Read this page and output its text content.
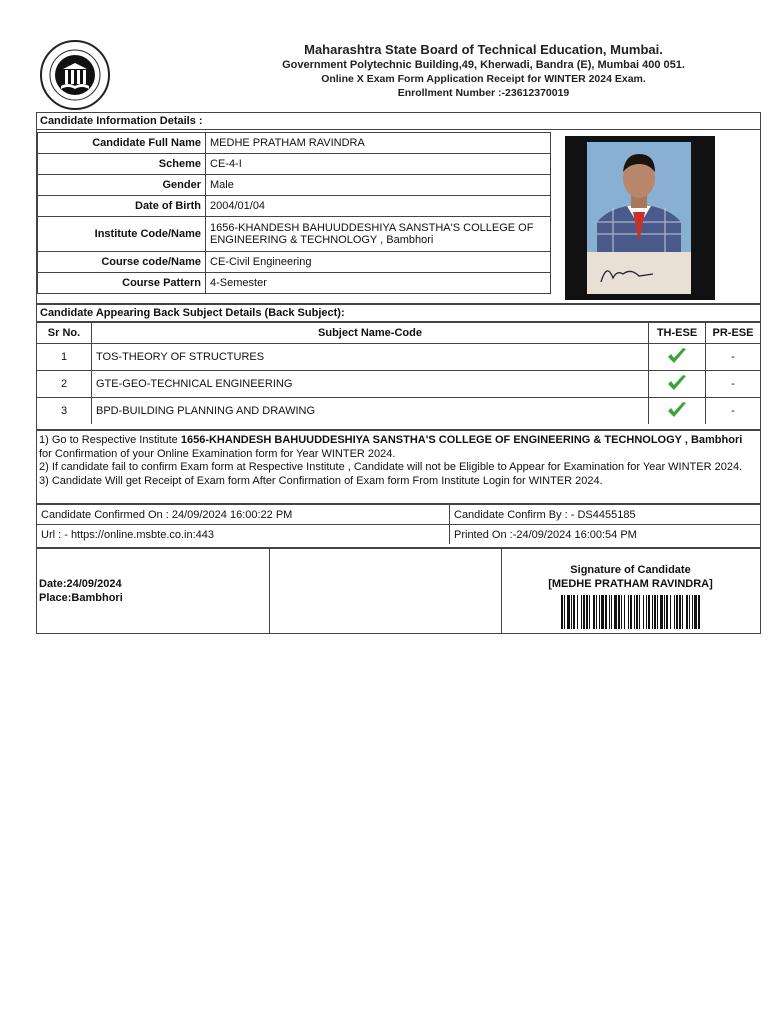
Maharashtra State Board of Technical Education, Mumbai.
Government Polytechnic Building,49, Kherwadi, Bandra (E), Mumbai 400 051.
Online X Exam Form Application Receipt for WINTER 2024 Exam.
Enrollment Number :-23612370019
Candidate Information Details :
Candidate Full Name	MEDHE PRATHAM RAVINDRA
Scheme	CE-4-I
Gender	Male
Date of Birth	2004/01/04
Institute Code/Name	1656-KHANDESH BAHUUDDESHIYA SANSTHA'S COLLEGE OF ENGINEERING & TECHNOLOGY , Bambhori
Course code/Name	CE-Civil Engineering
Course Pattern	4-Semester
Candidate Appearing Back Subject Details (Back Subject):
Sr No.	Subject Name-Code	TH-ESE	PR-ESE
1	TOS-THEORY OF STRUCTURES		-
2	GTE-GEO-TECHNICAL ENGINEERING		-
3	BPD-BUILDING PLANNING AND DRAWING		-
1) Go to Respective Institute 1656-KHANDESH BAHUUDDESHIYA SANSTHA'S COLLEGE OF ENGINEERING & TECHNOLOGY , Bambhori for Confirmation of your Online Examination form for Year WINTER 2024.
2) If candidate fail to confirm Exam form at Respective Institute , Candidate will not be Eligible to Appear for Examination for Year WINTER 2024.
3) Candidate Will get Receipt of Exam form After Confirmation of Exam form From Institute Login for WINTER 2024.
Candidate Confirmed On : 24/09/2024 16:00:22 PM	Candidate Confirm By : - DS4455185
Url : - https://online.msbte.co.in:443	Printed On :-24/09/2024 16:00:54 PM
Date:24/09/2024
Place:Bambhori
Signature of Candidate
[MEDHE PRATHAM RAVINDRA]
